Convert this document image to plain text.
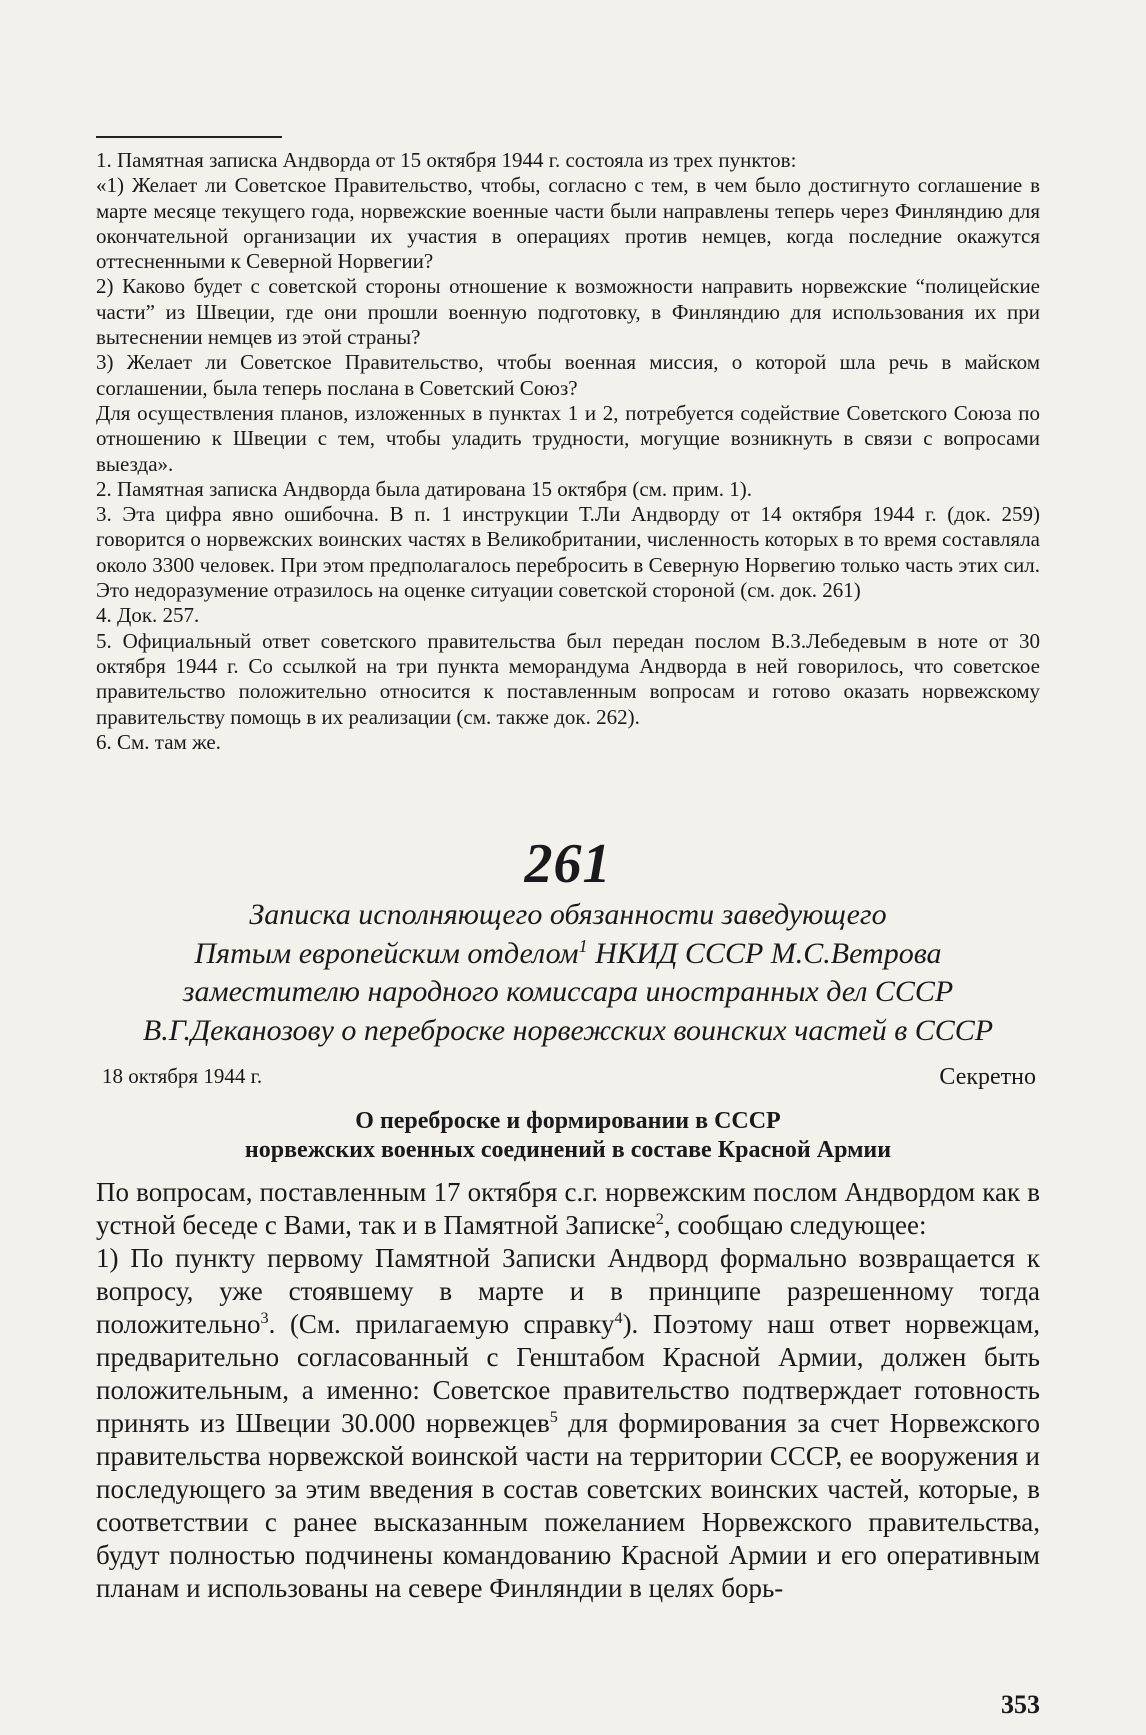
1. Памятная записка Андворда от 15 октября 1944 г. состояла из трех пунктов:

«1) Желает ли Советское Правительство, чтобы, согласно с тем, в чем было достигнуто соглашение в марте месяце текущего года, норвежские военные части были направлены теперь через Финляндию для окончательной организации их участия в операциях против немцев, когда последние окажутся оттесненными к Северной Норвегии?

2) Каково будет с советской стороны отношение к возможности направить норвежские “полицейские части” из Швеции, где они прошли военную подготовку, в Финляндию для использования их при вытеснении немцев из этой страны?

3) Желает ли Советское Правительство, чтобы военная миссия, о которой шла речь в майском соглашении, была теперь послана в Советский Союз?

Для осуществления планов, изложенных в пунктах 1 и 2, потребуется содействие Советского Союза по отношению к Швеции с тем, чтобы уладить трудности, могущие возникнуть в связи с вопросами выезда».

2. Памятная записка Андворда была датирована 15 октября (см. прим. 1).

3. Эта цифра явно ошибочна. В п. 1 инструкции Т.Ли Андворду от 14 октября 1944 г. (док. 259) говорится о норвежских воинских частях в Великобритании, численность которых в то время составляла около 3300 человек. При этом предполагалось перебросить в Северную Норвегию только часть этих сил. Это недоразумение отразилось на оценке ситуации советской стороной (см. док. 261)

4. Док. 257.

5. Официальный ответ советского правительства был передан послом В.З.Лебедевым в ноте от 30 октября 1944 г. Со ссылкой на три пункта меморандума Андворда в ней говорилось, что советское правительство положительно относится к поставленным вопросам и готово оказать норвежскому правительству помощь в их реализации (см. также док. 262).

6. См. там же.

261
Записка исполняющего обязанности заведующего
Пятым европейским отделом$^1$ НКИД СССР М.С.Ветрова
заместителю народного комиссара иностранных дел СССР
В.Г.Деканозову о переброске норвежских воинских частей в СССР
18 октября 1944 г.	Секретно
О переброске и формировании в СССР
норвежских военных соединений в составе Красной Армии

По вопросам, поставленным 17 октября с.г. норвежским послом Андвордом как в устной беседе с Вами, так и в Памятной Записке$^2$, сообщаю следующее:

1) По пункту первому Памятной Записки Андворд формально возвращается к вопросу, уже стоявшему в марте и в принципе разрешенному тогда положительно$^3$. (См. прилагаемую справку$^4$). Поэтому наш ответ норвежцам, предварительно согласованный с Генштабом Красной Армии, должен быть положительным, а именно: Советское правительство подтверждает готовность принять из Швеции 30.000 норвежцев$^5$ для формирования за счет Норвежского правительства норвежской воинской части на территории СССР, ее вооружения и последующего за этим введения в состав советских воинских частей, которые, в соответствии с ранее высказанным пожеланием Норвежского правительства, будут полностью подчинены командованию Красной Армии и его оперативным планам и использованы на севере Финляндии в целях борь-

353
